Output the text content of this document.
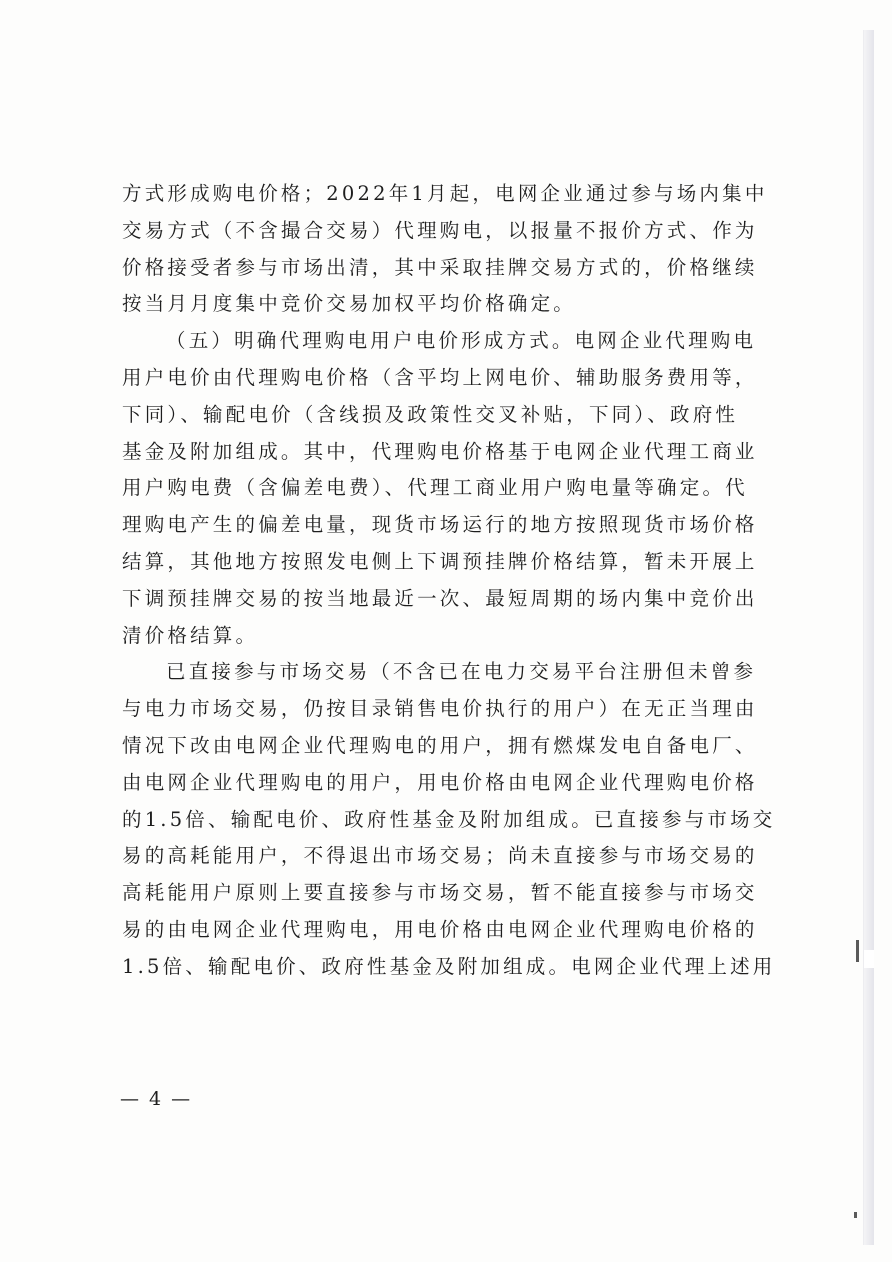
方式形成购电价格；2022年1月起，电网企业通过参与场内集中
交易方式（不含撮合交易）代理购电，以报量不报价方式、作为
价格接受者参与市场出清，其中采取挂牌交易方式的，价格继续
按当月月度集中竞价交易加权平均价格确定。
（五）明确代理购电用户电价形成方式。电网企业代理购电
用户电价由代理购电价格（含平均上网电价、辅助服务费用等，
下同）、输配电价（含线损及政策性交叉补贴，下同）、政府性
基金及附加组成。其中，代理购电价格基于电网企业代理工商业
用户购电费（含偏差电费）、代理工商业用户购电量等确定。代
理购电产生的偏差电量，现货市场运行的地方按照现货市场价格
结算，其他地方按照发电侧上下调预挂牌价格结算，暂未开展上
下调预挂牌交易的按当地最近一次、最短周期的场内集中竞价出
清价格结算。
已直接参与市场交易（不含已在电力交易平台注册但未曾参
与电力市场交易，仍按目录销售电价执行的用户）在无正当理由
情况下改由电网企业代理购电的用户，拥有燃煤发电自备电厂、
由电网企业代理购电的用户，用电价格由电网企业代理购电价格
的1.5倍、输配电价、政府性基金及附加组成。已直接参与市场交
易的高耗能用户，不得退出市场交易；尚未直接参与市场交易的
高耗能用户原则上要直接参与市场交易，暂不能直接参与市场交
易的由电网企业代理购电，用电价格由电网企业代理购电价格的
1.5倍、输配电价、政府性基金及附加组成。电网企业代理上述用
— 4 —
